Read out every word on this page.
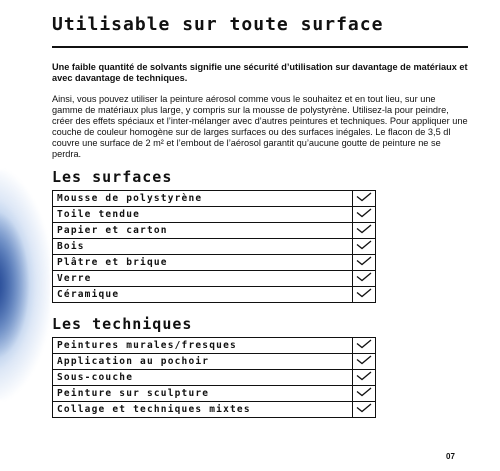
Utilisable sur toute surface

Une faible quantité de solvants signifie une sécurité d’utilisation sur davantage de matériaux et avec davantage de techniques.

Ainsi, vous pouvez utiliser la peinture aérosol comme vous le souhaitez et en tout lieu, sur une gamme de matériaux plus large, y compris sur la mousse de polystyrène. Utilisez-la pour peindre, créer des effets spéciaux et l’inter-mélanger avec d’autres peintures et techniques. Pour appliquer une couche de couleur homogène sur de larges surfaces ou des surfaces inégales. Le flacon de 3,5 dl couvre une surface de 2 m² et l’embout de l’aérosol garantit qu’aucune goutte de peinture ne se perdra.

Les surfaces
Mousse de polystyrène	
Toile tendue	
Papier et carton	
Bois	
Plâtre et brique	
Verre	
Céramique	
Les techniques
Peintures murales/fresques	
Application au pochoir	
Sous-couche	
Peinture sur sculpture	
Collage et techniques mixtes	
07
